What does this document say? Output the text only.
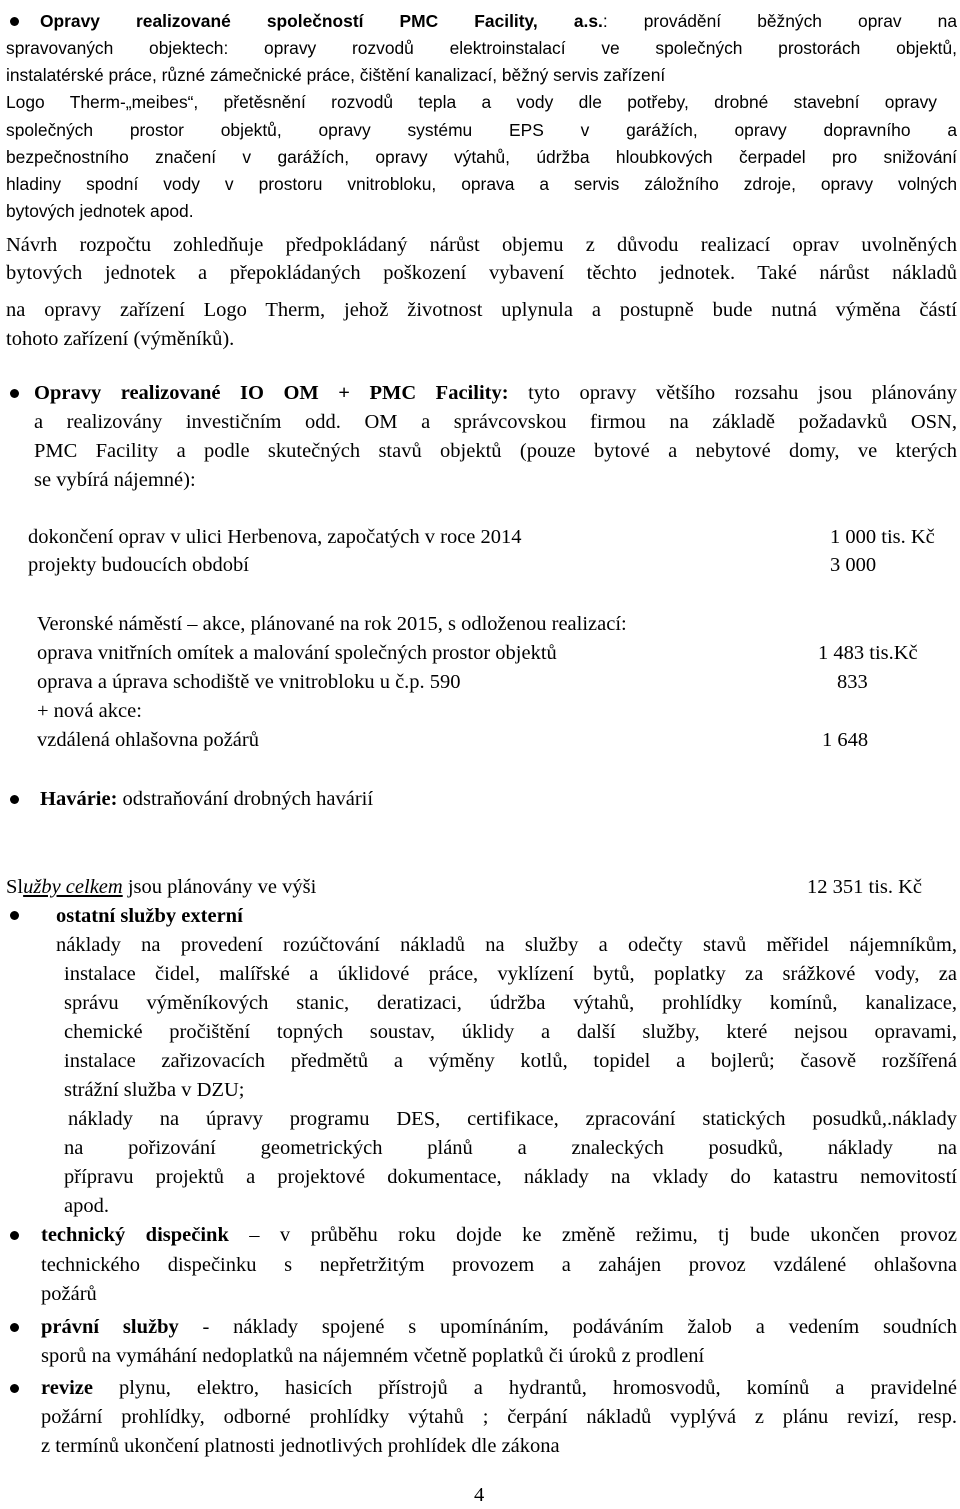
Opravy realizované společností PMC Facility, a.s.: provádění běžných oprav na
spravovaných objektech: opravy rozvodů elektroinstalací ve společných prostorách objektů,
instalatérské práce, různé zámečnické práce, čištění kanalizací, běžný servis zařízení
Logo Therm-„meibes“, přetěsnění rozvodů tepla a vody dle potřeby, drobné stavební opravy
společných prostor objektů, opravy systému EPS v garážích, opravy dopravního a
bezpečnostního značení v garážích, opravy výtahů, údržba hloubkových čerpadel pro snižování
hladiny spodní vody v prostoru vnitrobloku, oprava a servis záložního zdroje, opravy volných
bytových jednotek apod.
Návrh rozpočtu zohledňuje předpokládaný nárůst objemu z důvodu realizací oprav uvolněných
bytových jednotek a přepokládaných poškození vybavení těchto jednotek. Také nárůst nákladů
na opravy zařízení Logo Therm, jehož životnost uplynula a postupně bude nutná výměna částí
tohoto zařízení (výměníků).
Opravy realizované IO OM + PMC Facility: tyto opravy většího rozsahu jsou plánovány
a realizovány investičním odd. OM a správcovskou firmou na základě požadavků OSN,
PMC Facility a podle skutečných stavů objektů (pouze bytové a nebytové domy, ve kterých
se vybírá nájemné):
dokončení oprav v ulici Herbenova, započatých v roce 2014	1 000 tis. Kč
projekty budoucích období	3 000
Veronské náměstí – akce, plánované na rok 2015, s odloženou realizací:
oprava vnitřních omítek a malování společných prostor objektů	1 483 tis.Kč
oprava a úprava schodiště ve vnitrobloku u č.p. 590	833
+ nová akce:
vzdálená ohlašovna požárů	1 648
Havárie: odstraňování drobných havárií
Služby celkem jsou plánovány ve výši	12 351 tis. Kč
ostatní služby externí
náklady na provedení rozúčtování nákladů na služby a odečty stavů měřidel nájemníkům,
instalace čidel, malířské a úklidové práce, vyklízení bytů, poplatky za srážkové vody, za
správu výměníkových stanic, deratizaci, údržba výtahů, prohlídky komínů, kanalizace,
chemické pročištění topných soustav, úklidy a další služby, které nejsou opravami,
instalace zařizovacích předmětů a výměny kotlů, topidel a bojlerů; časově rozšířená
strážní služba v DZU;
náklady na úpravy programu DES, certifikace, zpracování statických posudků,.náklady
na pořizování geometrických plánů a znaleckých posudků, náklady na
přípravu projektů a projektové dokumentace, náklady na vklady do katastru nemovitostí
apod.
technický dispečink – v průběhu roku dojde ke změně režimu, tj bude ukončen provoz
technického dispečinku s nepřetržitým provozem a zahájen provoz vzdálené ohlašovna
požárů
právní služby - náklady spojené s upomínáním, podáváním žalob a vedením soudních
sporů na vymáhání nedoplatků na nájemném včetně poplatků či úroků z prodlení
revize plynu, elektro, hasicích přístrojů a hydrantů, hromosvodů, komínů a pravidelné
požární prohlídky, odborné prohlídky výtahů ; čerpání nákladů vyplývá z plánu revizí, resp.
z termínů ukončení platnosti jednotlivých prohlídek dle zákona
4
